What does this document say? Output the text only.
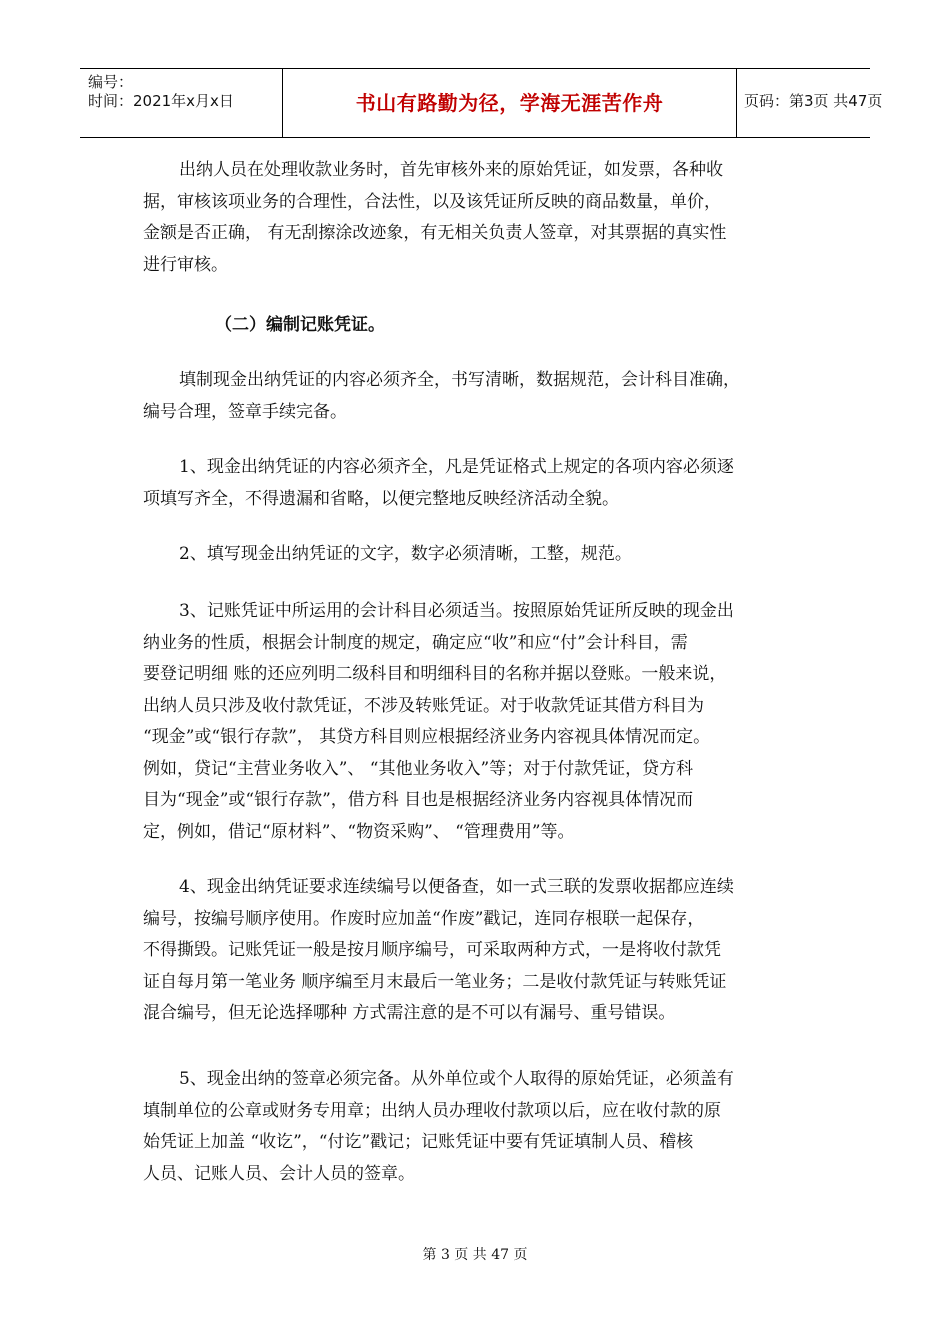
编号：
时间：2021年x月x日	书山有路勤为径，学海无涯苦作舟	页码：第3页 共47页
出纳人员在处理收款业务时，首先审核外来的原始凭证，如发票，各种收
据，审核该项业务的合理性，合法性，以及该凭证所反映的商品数量，单价，
金额是否正确， 有无刮擦涂改迹象，有无相关负责人签章，对其票据的真实性
进行审核。
（二）编制记账凭证。
填制现金出纳凭证的内容必须齐全，书写清晰，数据规范，会计科目准确，
编号合理，签章手续完备。
1、现金出纳凭证的内容必须齐全，凡是凭证格式上规定的各项内容必须逐
项填写齐全，不得遗漏和省略，以便完整地反映经济活动全貌。
2、填写现金出纳凭证的文字，数字必须清晰，工整，规范。
3、记账凭证中所运用的会计科目必须适当。按照原始凭证所反映的现金出
纳业务的性质，根据会计制度的规定，确定应“收”和应“付”会计科目，需
要登记明细 账的还应列明二级科目和明细科目的名称并据以登账。一般来说，
出纳人员只涉及收付款凭证，不涉及转账凭证。对于收款凭证其借方科目为
“现金”或“银行存款”， 其贷方科目则应根据经济业务内容视具体情况而定。
例如，贷记“主营业务收入”、 “其他业务收入”等；对于付款凭证，贷方科
目为“现金”或“银行存款”，借方科 目也是根据经济业务内容视具体情况而
定，例如，借记“原材料”、“物资采购”、 “管理费用”等。
4、现金出纳凭证要求连续编号以便备查，如一式三联的发票收据都应连续
编号，按编号顺序使用。作废时应加盖“作废”戳记，连同存根联一起保存，
不得撕毁。记账凭证一般是按月顺序编号，可采取两种方式，一是将收付款凭
证自每月第一笔业务 顺序编至月末最后一笔业务；二是收付款凭证与转账凭证
混合编号，但无论选择哪种 方式需注意的是不可以有漏号、重号错误。
5、现金出纳的签章必须完备。从外单位或个人取得的原始凭证，必须盖有
填制单位的公章或财务专用章；出纳人员办理收付款项以后，应在收付款的原
始凭证上加盖 “收讫”，“付讫”戳记；记账凭证中要有凭证填制人员、稽核
人员、记账人员、会计人员的签章。
第 3 页 共 47 页
